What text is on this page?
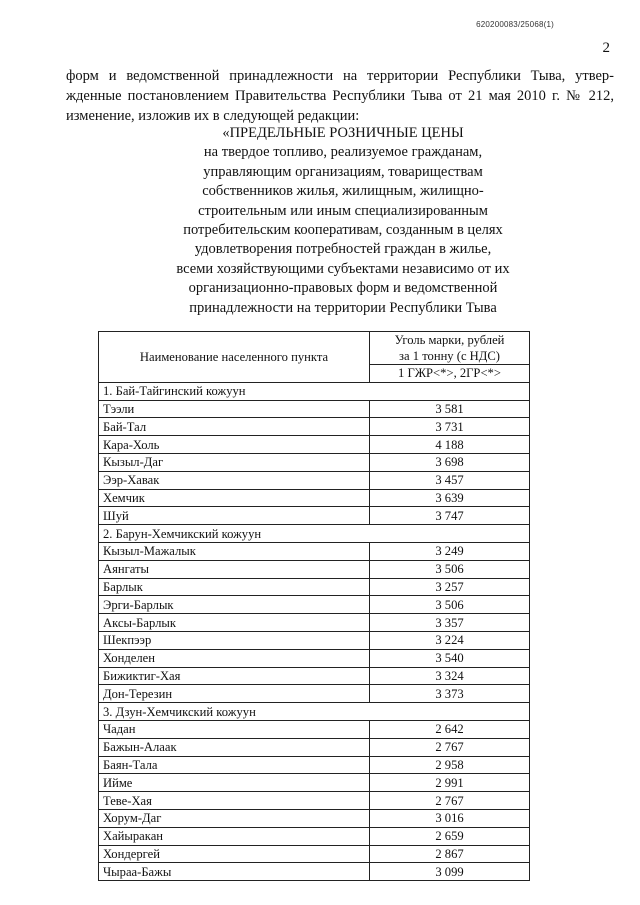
620200083/25068(1)
2
форм и ведомственной принадлежности на территории Республики Тыва, утвер-
жденные постановлением Правительства Республики Тыва от 21 мая 2010 г. № 212,
изменение, изложив их в следующей редакции:
«ПРЕДЕЛЬНЫЕ РОЗНИЧНЫЕ ЦЕНЫ
на твердое топливо, реализуемое гражданам,
управляющим организациям, товариществам
собственников жилья, жилищным, жилищно-
строительным или иным специализированным
потребительским кооперативам, созданным в целях
удовлетворения потребностей граждан в жилье,
всеми хозяйствующими субъектами независимо от их
организационно-правовых форм и ведомственной
принадлежности на территории Республики Тыва
Наименование населенного пункта	Уголь марки, рублей
за 1 тонну (с НДС)

	1 ГЖР<*>, 2ГР<*>
1. Бай-Тайгинский кожуун	
Тээли	3 581
Бай-Тал	3 731
Кара-Холь	4 188
Кызыл-Даг	3 698
Ээр-Хавак	3 457
Хемчик	3 639
Шуй	3 747
2. Барун-Хемчикский кожуун	
Кызыл-Мажалык	3 249
Аянгаты	3 506
Барлык	3 257
Эрги-Барлык	3 506
Аксы-Барлык	3 357
Шекпээр	3 224
Хонделен	3 540
Бижиктиг-Хая	3 324
Дон-Терезин	3 373
3. Дзун-Хемчикский кожуун	
Чадан	2 642
Бажын-Алаак	2 767
Баян-Тала	2 958
Ийме	2 991
Теве-Хая	2 767
Хорум-Даг	3 016
Хайыракан	2 659
Хондергей	2 867
Чыраа-Бажы	3 099
